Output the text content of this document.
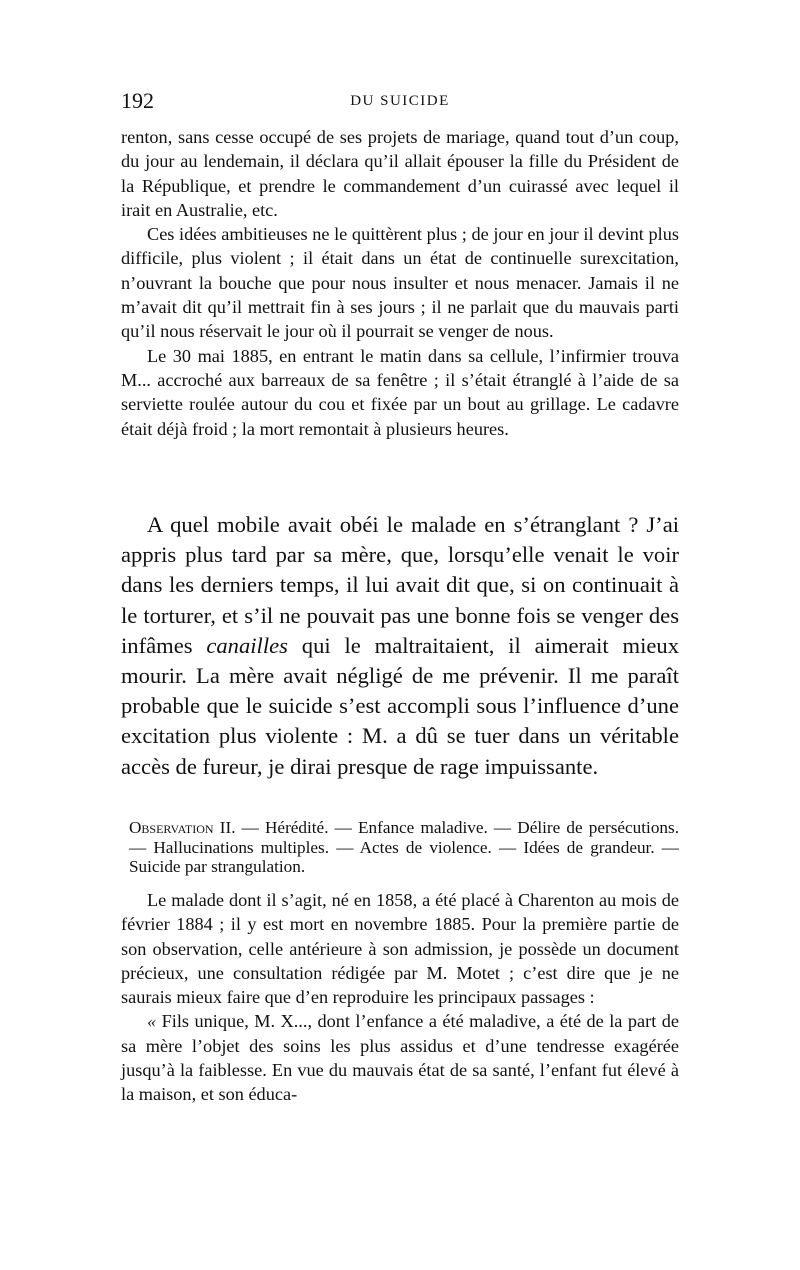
192	DU SUICIDE

renton, sans cesse occupé de ses projets de mariage, quand tout d’un coup, du jour au lendemain, il déclara qu’il allait épouser la fille du Président de la République, et prendre le commandement d’un cuirassé avec lequel il irait en Australie, etc.

Ces idées ambitieuses ne le quittèrent plus ; de jour en jour il devint plus difficile, plus violent ; il était dans un état de continuelle surexcitation, n’ouvrant la bouche que pour nous insulter et nous menacer. Jamais il ne m’avait dit qu’il mettrait fin à ses jours ; il ne parlait que du mauvais parti qu’il nous réservait le jour où il pourrait se venger de nous.

Le 30 mai 1885, en entrant le matin dans sa cellule, l’infirmier trouva M... accroché aux barreaux de sa fenêtre ; il s’était étranglé à l’aide de sa serviette roulée autour du cou et fixée par un bout au grillage. Le cadavre était déjà froid ; la mort remontait à plusieurs heures.

A quel mobile avait obéi le malade en s’étranglant ? J’ai appris plus tard par sa mère, que, lorsqu’elle venait le voir dans les derniers temps, il lui avait dit que, si on continuait à le torturer, et s’il ne pouvait pas une bonne fois se venger des infâmes canailles qui le maltraitaient, il aimerait mieux mourir. La mère avait négligé de me prévenir. Il me paraît probable que le suicide s’est accompli sous l’influence d’une excitation plus violente : M. a dû se tuer dans un véritable accès de fureur, je dirai presque de rage impuissante.

Observation II. — Hérédité. — Enfance maladive. — Délire de persécutions. — Hallucinations multiples. — Actes de violence. — Idées de grandeur. — Suicide par strangulation.

Le malade dont il s’agit, né en 1858, a été placé à Charenton au mois de février 1884 ; il y est mort en novembre 1885. Pour la première partie de son observation, celle antérieure à son admission, je possède un document précieux, une consultation rédigée par M. Motet ; c’est dire que je ne saurais mieux faire que d’en reproduire les principaux passages :

« Fils unique, M. X..., dont l’enfance a été maladive, a été de la part de sa mère l’objet des soins les plus assidus et d’une tendresse exagérée jusqu’à la faiblesse. En vue du mauvais état de sa santé, l’enfant fut élevé à la maison, et son éduca-
